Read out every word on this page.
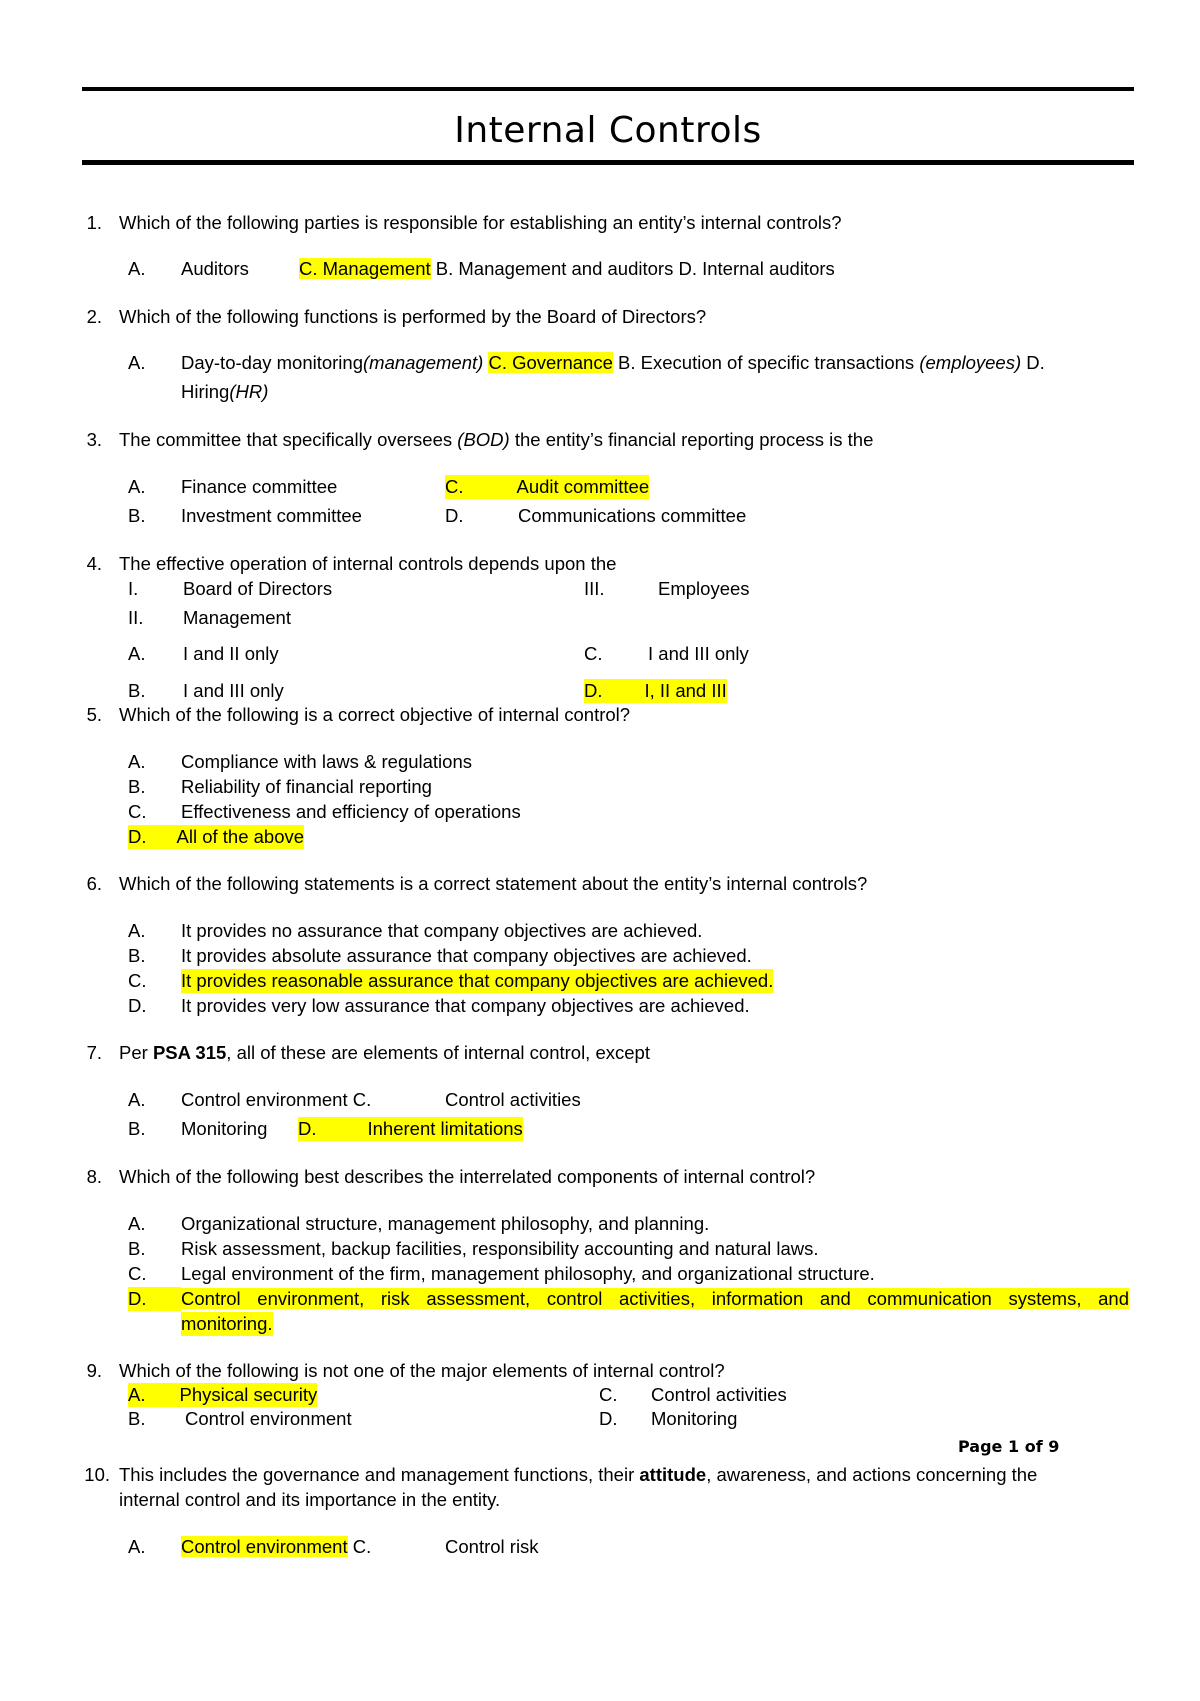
Internal Controls
1. Which of the following parties is responsible for establishing an entity’s internal controls?
A. Auditors	C. Management B. Management and auditors D. Internal auditors
2. Which of the following functions is performed by the Board of Directors?
A. Day-to-day monitoring(management) C. Governance B. Execution of specific transactions (employees) D.
Hiring(HR)
3. The committee that specifically oversees (BOD) the entity’s financial reporting process is the
A. Finance committee	C.	Audit committee
B. Investment committee	D.	Communications committee
4. The effective operation of internal controls depends upon the
I. Board of Directors	III.	Employees
II. Management
A. I and II only	C. I and III only
B. I and III only	D. I, II and III
5. Which of the following is a correct objective of internal control?
A. Compliance with laws & regulations
B. Reliability of financial reporting
C. Effectiveness and efficiency of operations
D. All of the above
6. Which of the following statements is a correct statement about the entity’s internal controls?
A. It provides no assurance that company objectives are achieved.
B. It provides absolute assurance that company objectives are achieved.
C. It provides reasonable assurance that company objectives are achieved.
D. It provides very low assurance that company objectives are achieved.
7. Per PSA 315, all of these are elements of internal control, except
A. Control environment C.	Control activities
B. Monitoring D.	Inherent limitations
8. Which of the following best describes the interrelated components of internal control?
A. Organizational structure, management philosophy, and planning.
B. Risk assessment, backup facilities, responsibility accounting and natural laws.
C. Legal environment of the firm, management philosophy, and organizational structure.
D.	Control environment, risk assessment, control activities, information and communication systems, and
monitoring.
9. Which of the following is not one of the major elements of internal control?
A. Physical security	C. Control activities
B. Control environment	D. Monitoring
Page 1 of 9
10. This includes the governance and management functions, their attitude, awareness, and actions concerning the
internal control and its importance in the entity.
A. Control environment C.	Control risk
